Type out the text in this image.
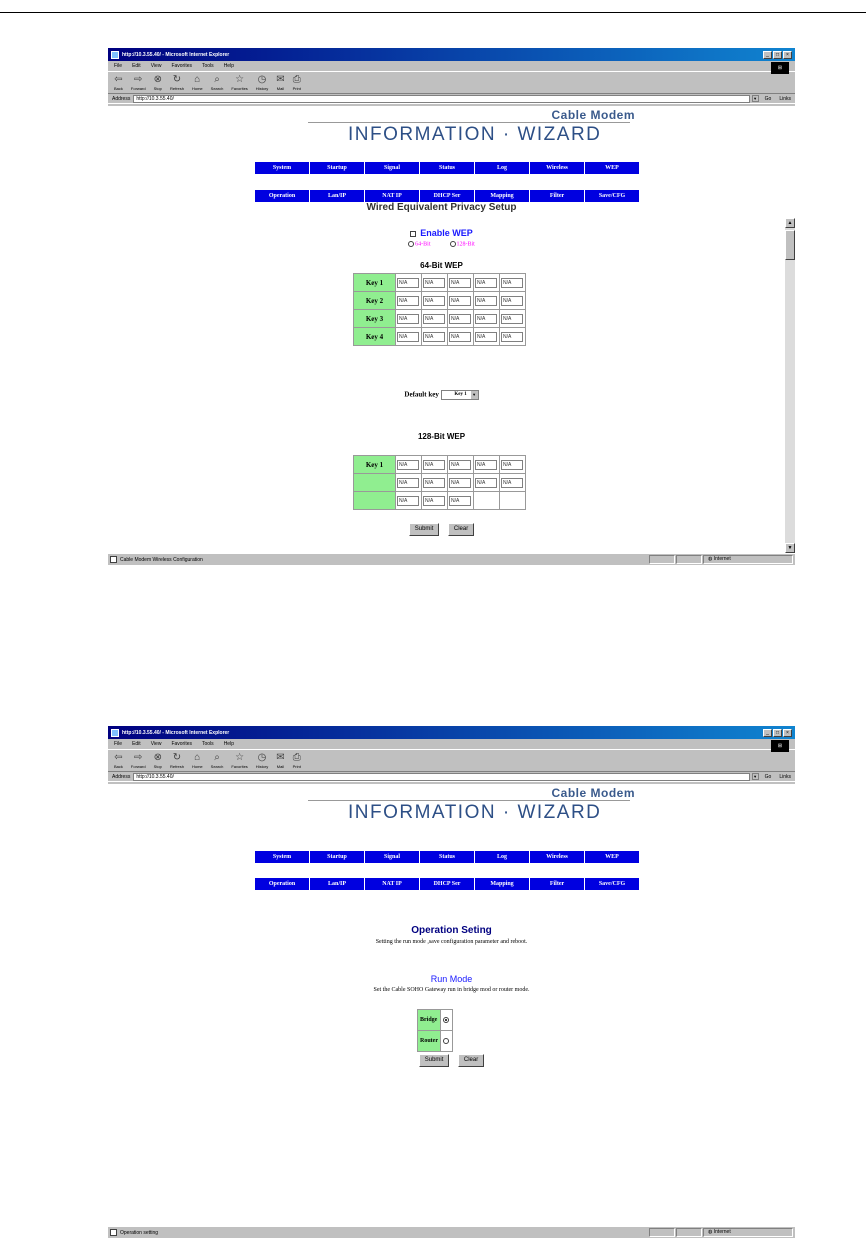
http://10.3.55.40/ - Microsoft Internet Explorer	_	□	×
File Edit View Favorites Tools Help	⊞
⇦
Back
⇨
Forward
⊗
Stop
↻
Refresh
⌂
Home
⌕
Search
☆
Favorites
◷
History
✉
Mail
⎙
Print
Address	http://10.3.55.40/	▼	Go Links
Cable Modem
INFORMATION · WIZARD
System	Startup	Signal	Status	Log	Wireless	WEP
Operation	Lan/IP	NAT IP	DHCP Ser	Mapping	Filter	Save/CFG
Wired Equivalent Privacy Setup
Enable WEP
64-Bit	128-Bit
64-Bit WEP
Key 1	N/A	N/A	N/A	N/A	N/A

Key 2	N/A	N/A	N/A	N/A	N/A

Key 3	N/A	N/A	N/A	N/A	N/A

Key 4	N/A	N/A	N/A	N/A	N/A
Default key	Key 1	▼
128-Bit WEP
Key 1	N/A	N/A	N/A	N/A	N/A

	N/A	N/A	N/A	N/A	N/A

	N/A	N/A	N/A		

Submit	Clear
▲
▼
Cable Modem Wireless Configuration	◍ Internet
http://10.3.55.40/ - Microsoft Internet Explorer	_	□	×
File Edit View Favorites Tools Help	⊞
⇦
Back
⇨
Forward
⊗
Stop
↻
Refresh
⌂
Home
⌕
Search
☆
Favorites
◷
History
✉
Mail
⎙
Print
Address	http://10.3.55.40/	▼	Go Links
Cable Modem
INFORMATION · WIZARD
System	Startup	Signal	Status	Log	Wireless	WEP
Operation	Lan/IP	NAT IP	DHCP Ser	Mapping	Filter	Save/CFG
Operation Seting
Setting the run mode ,save configuration parameter and reboot.
Run Mode
Set the Cable SOHO Gateway run in bridge mod or router mode.
Bridge	
Router	
Submit	Clear
Operation setting	◍ Internet
